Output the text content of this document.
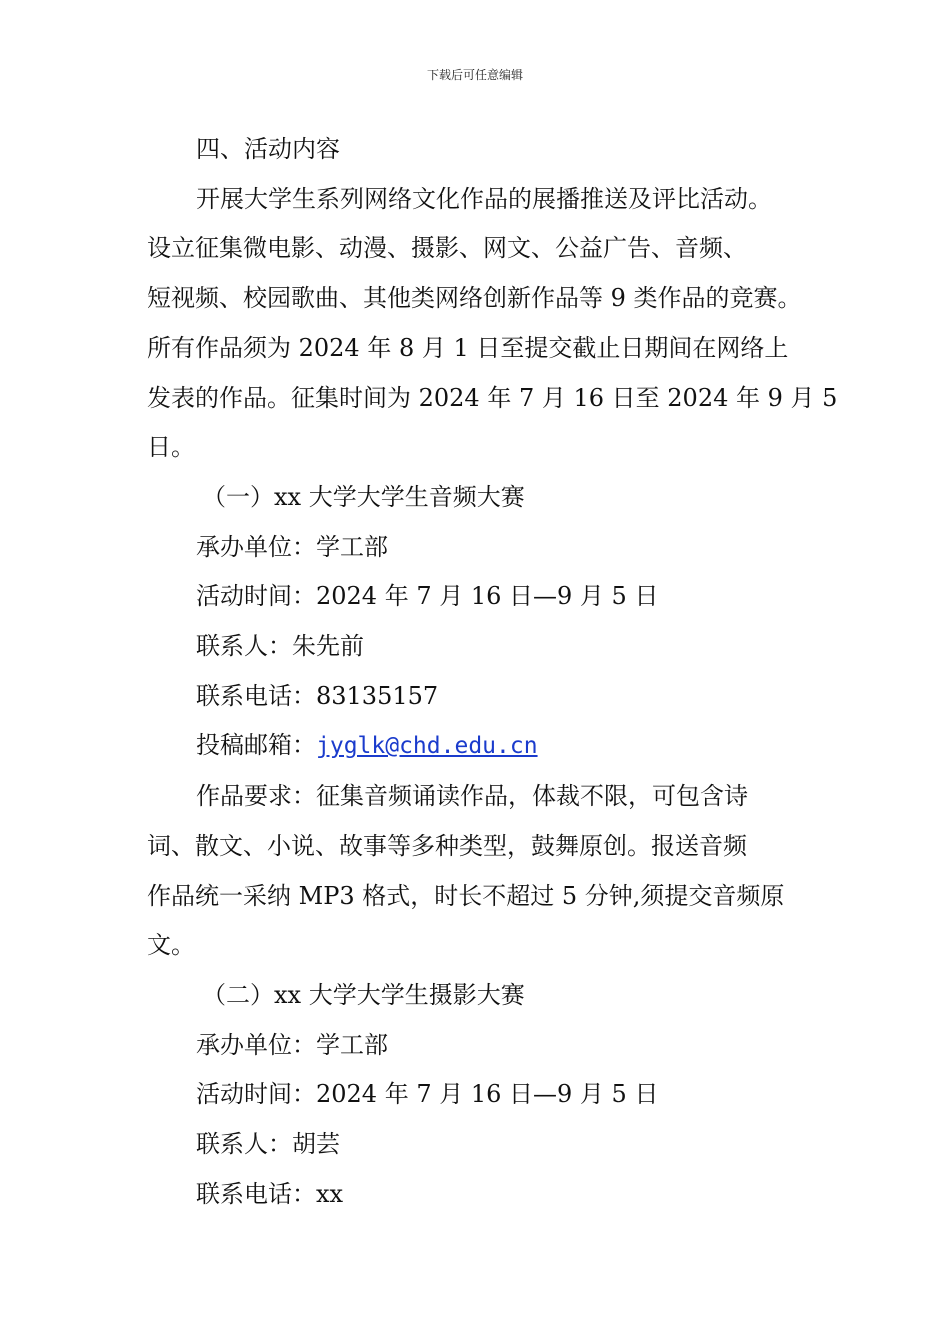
下载后可任意编辑

四、活动内容

开展大学生系列网络文化作品的展播推送及评比活动。

设立征集微电影、动漫、摄影、网文、公益广告、音频、

短视频、校园歌曲、其他类网络创新作品等 9 类作品的竞赛。

所有作品须为 2024 年 8 月 1 日至提交截止日期间在网络上

发表的作品。征集时间为 2024 年 7 月 16 日至 2024 年 9 月 5

日。

（一）xx 大学大学生音频大赛

承办单位：学工部

活动时间：2024 年 7 月 16 日—9 月 5 日

联系人：朱先前

联系电话：83135157

投稿邮箱：jyglk@chd.edu.cn

作品要求：征集音频诵读作品，体裁不限，可包含诗

词、散文、小说、故事等多种类型，鼓舞原创。报送音频

作品统一采纳 MP3 格式，时长不超过 5 分钟,须提交音频原

文。

（二）xx 大学大学生摄影大赛

承办单位：学工部

活动时间：2024 年 7 月 16 日—9 月 5 日

联系人：胡芸

联系电话：xx
